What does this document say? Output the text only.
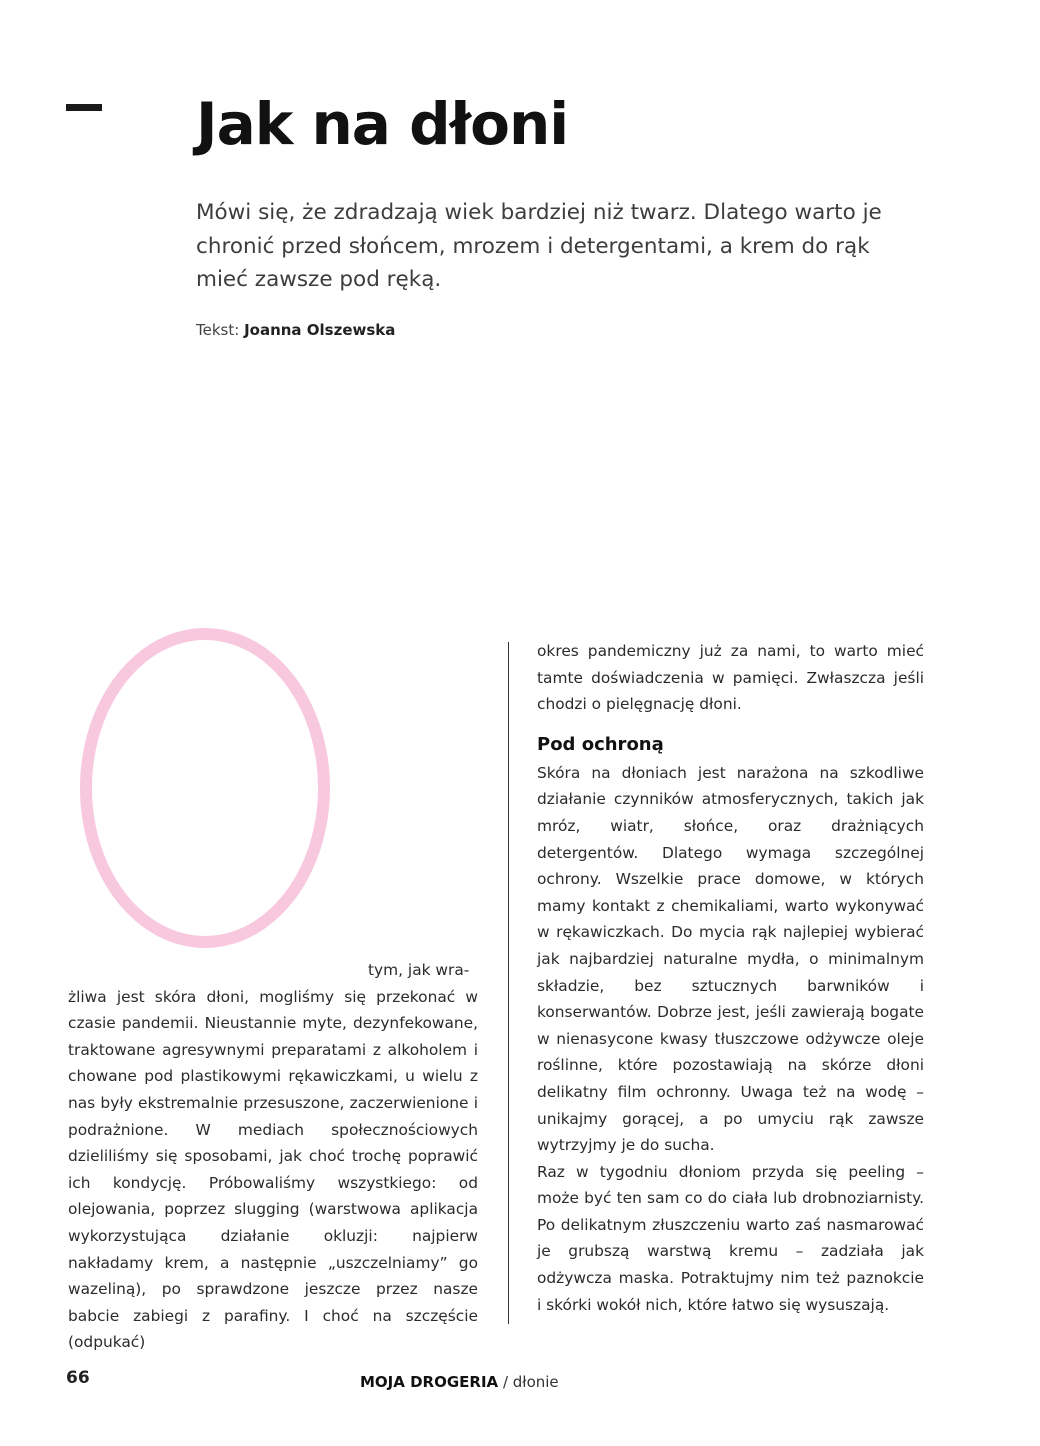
Jak na dłoni

Mówi się, że zdradzają wiek bardziej niż twarz. Dlatego warto je chronić przed słońcem, mrozem i detergentami, a krem do rąk mieć zawsze pod ręką.

Tekst: Joanna Olszewska

tym, jak wra-

żliwa jest skóra dłoni, mogliśmy się przekonać w czasie pandemii. Nieustannie myte, dezynfekowane, traktowane agresywnymi preparatami z alkoholem i chowane pod plastikowymi rękawiczkami, u wielu z nas były ekstremalnie przesuszone, zaczerwienione i podrażnione. W mediach społecznościowych dzieliliśmy się sposobami, jak choć trochę poprawić ich kondycję. Próbowaliśmy wszystkiego: od olejowania, poprzez slugging (warstwowa aplikacja wykorzystująca działanie okluzji: najpierw nakładamy krem, a następnie „uszczelniamy” go wazeliną), po sprawdzone jeszcze przez nasze babcie zabiegi z parafiny. I choć na szczęście (odpukać)

okres pandemiczny już za nami, to warto mieć tamte doświadczenia w pamięci. Zwłaszcza jeśli chodzi o pielęgnację dłoni.

Pod ochroną

Skóra na dłoniach jest narażona na szkodliwe działanie czynników atmosferycznych, takich jak mróz, wiatr, słońce, oraz drażniących detergentów. Dlatego wymaga szczególnej ochrony. Wszelkie prace domowe, w których mamy kontakt z chemikaliami, warto wykonywać w rękawiczkach. Do mycia rąk najlepiej wybierać jak najbardziej naturalne mydła, o minimalnym składzie, bez sztucznych barwników i konserwantów. Dobrze jest, jeśli zawierają bogate w nienasycone kwasy tłuszczowe odżywcze oleje roślinne, które pozostawiają na skórze dłoni delikatny film ochronny. Uwaga też na wodę – unikajmy gorącej, a po umyciu rąk zawsze wytrzyjmy je do sucha.

Raz w tygodniu dłoniom przyda się peeling – może być ten sam co do ciała lub drobnoziarnisty. Po delikatnym złuszczeniu warto zaś nasmarować je grubszą warstwą kremu – zadziała jak odżywcza maska. Potraktujmy nim też paznokcie i skórki wokół nich, które łatwo się wysuszają.

66	MOJA DROGERIA / dłonie
